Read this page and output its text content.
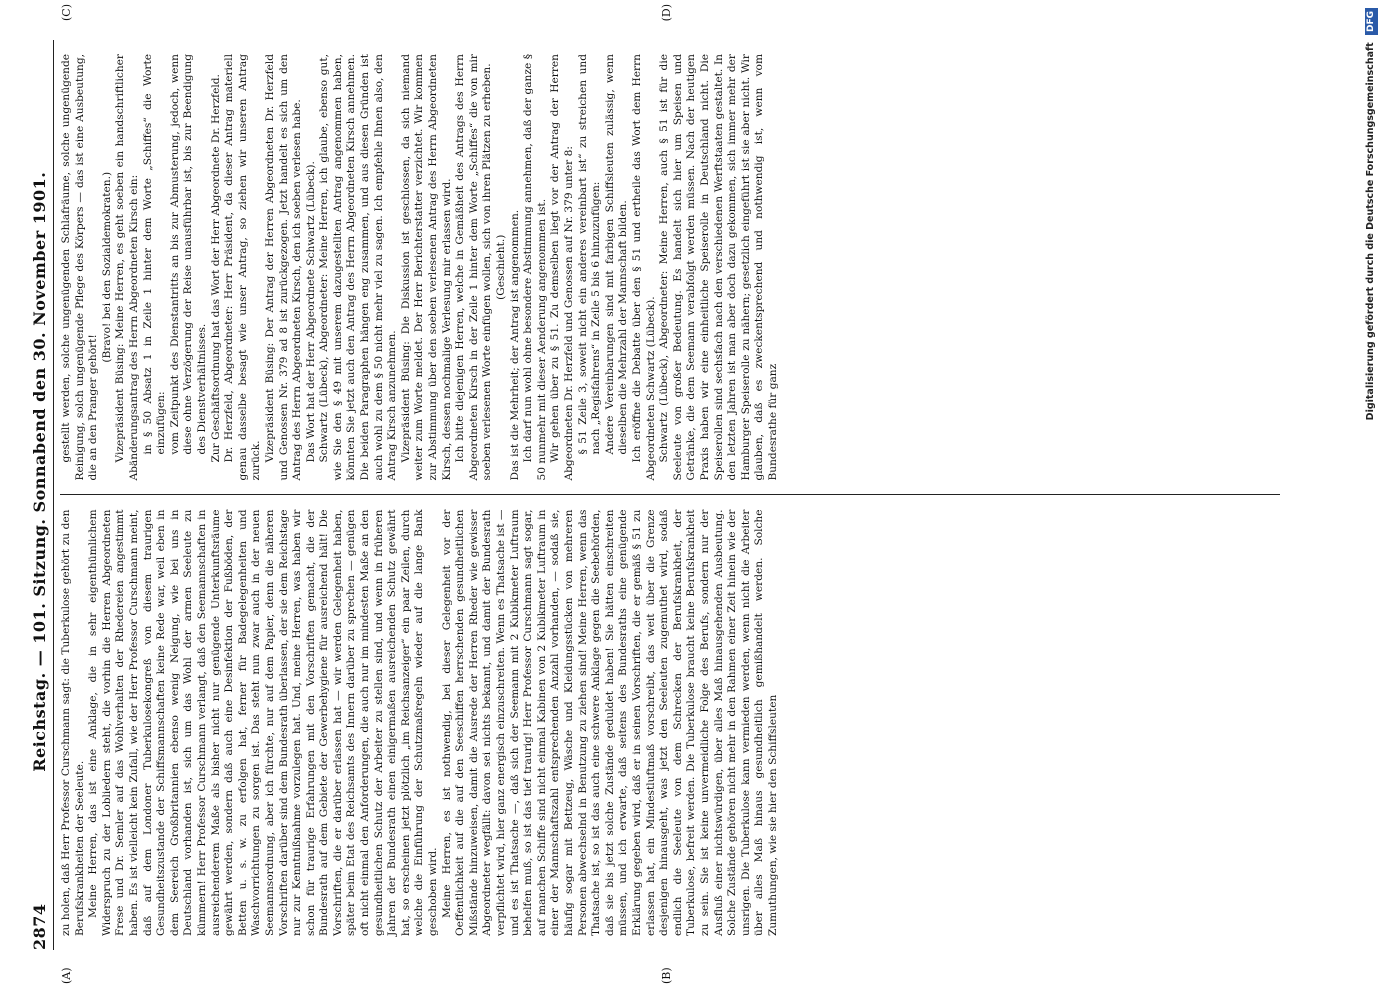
2874
Reichstag. — 101. Sitzung. Sonnabend den 30. November 1901.
(A)	(B)

zu holen, daß Herr Professor Curschmann sagt: die Tuberkulose gehört zu den Berufskrankheiten der Seeleute. Meine Herren, das ist eine Anklage, die in sehr eigenthümlichem Widerspruch zu der Lobliedern steht, die vorhin die Herren Abgeordneten Frese und Dr. Semler auf das Wohlverhalten der Rhedereien angestimmt haben. Es ist vielleicht kein Zufall, wie der Herr Professor Curschmann meint, daß auf dem Londoner Tuberkulosekongreß von diesem traurigen Gesundheitszustande der Schiffsmannschaften keine Rede war, weil eben in dem Seereich Großbritannien ebenso wenig Neigung, wie bei uns in Deutschland vorhanden ist, sich um das Wohl der armen Seeleute zu kümmern! Herr Professor Curschmann verlangt, daß den Seemannschaften in ausreichenderem Maße als bisher nicht nur genügende Unterkunftsräume gewährt werden, sondern daß auch eine Desinfektion der Fußböden, der Betten u. s. w. zu erfolgen hat, ferner für Badegelegenheiten und Waschvorrichtungen zu sorgen ist. Das steht nun zwar auch in der neuen Seemannsordnung, aber ich fürchte, nur auf dem Papier, denn die näheren Vorschriften darüber sind dem Bundesrath überlassen, der sie dem Reichstage nur zur Kenntnißnahme vorzulegen hat. Und, meine Herren, was haben wir schon für traurige Erfahrungen mit den Vorschriften gemacht, die der Bundesrath auf dem Gebiete der Gewerbehygiene für ausreichend hält! Die Vorschriften, die er darüber erlassen hat — wir werden Gelegenheit haben, später beim Etat des Reichsamts des Innern darüber zu sprechen — genügen oft nicht einmal den Anforderungen, die auch nur im mindesten Maße an den gesundheitlichen Schutz der Arbeiter zu stellen sind, und wenn in früheren Jahren der Bundesrath einen einigermaßen ausreichenden Schutz gewährt hat, so erscheinen jetzt plötzlich „im Reichsanzeiger“ ein paar Zeilen, durch welche die Einführung der Schutzmaßregeln wieder auf die lange Bank geschoben wird. Meine Herren, es ist nothwendig, bei dieser Gelegenheit vor der Oeffentlichkeit auf die auf den Seeschiffen herrschenden gesundheitlichen Mißstände hinzuweisen, damit die Ausrede der Herren Rheder wie gewisser Abgeordneter wegfällt: davon sei nichts bekannt, und damit der Bundesrath verpflichtet wird, hier ganz energisch einzuschreiten. Wenn es Thatsache ist — und es ist Thatsache —, daß sich der Seemann mit 2 Kubikmeter Luftraum behelfen muß, so ist das tief traurig! Herr Professor Curschmann sagt sogar, auf manchen Schiffe sind nicht einmal Kabinen von 2 Kubikmeter Luftraum in einer der Mannschaftszahl entsprechenden Anzahl vorhanden, — sodaß sie, häufig sogar mit Bettzeug, Wäsche und Kleidungsstücken von mehreren Personen abwechselnd in Benutzung zu ziehen sind! Meine Herren, wenn das Thatsache ist, so ist das auch eine schwere Anklage gegen die Seebehörden, daß sie bis jetzt solche Zustände geduldet haben! Sie hätten einschreiten müssen, und ich erwarte, daß seitens des Bundesraths eine genügende Erklärung gegeben wird, daß er in seinen Vorschriften, die er gemäß § 51 zu erlassen hat, ein Mindestluftmaß vorschreibt, das weit über die Grenze desjenigen hinausgeht, was jetzt den Seeleuten zugemuthet wird, sodaß endlich die Seeleute von dem Schrecken der Berufskrankheit, der Tuberkulose, befreit werden. Die Tuberkulose braucht keine Berufskrankheit zu sein. Sie ist keine unvermeidliche Folge des Berufs, sondern nur der Ausfluß einer nichtswürdigen, über alles Maß hinausgehenden Ausbeutung. Solche Zustände gehören nicht mehr in den Rahmen einer Zeit hinein wie der unsrigen. Die Tuberkulose kann vermieden werden, wenn nicht die Arbeiter über alles Maß hinaus gesundheitlich gemißhandelt werden. Solche Zumuthungen, wie sie hier den Schiffsleuten

(C)	(D)

gestellt werden, solche ungenügenden Schlafräume, solche ungenügende Reinigung, solch ungenügende Pflege des Körpers — das ist eine Ausbeutung, die an den Pranger gehört!

(Bravo! bei den Sozialdemokraten.) Vizepräsident Büsing: Meine Herren, es geht soeben ein handschriftlicher Abänderungsantrag des Herrn Abgeordneten Kirsch ein: in § 50 Absatz 1 in Zeile 1 hinter dem Worte „Schiffes“ die Worte einzufügen: vom Zeitpunkt des Dienstantritts an bis zur Abmusterung, jedoch, wenn diese ohne Verzögerung der Reise unausführbar ist, bis zur Beendigung des Dienstverhältnisses. Zur Geschäftsordnung hat das Wort der Herr Abgeordnete Dr. Herzfeld. Dr. Herzfeld, Abgeordneter: Herr Präsident, da dieser Antrag materiell genau dasselbe besagt wie unser Antrag, so ziehen wir unseren Antrag zurück. Vizepräsident Büsing: Der Antrag der Herren Abgeordneten Dr. Herzfeld und Genossen Nr. 379 ad 8 ist zurückgezogen. Jetzt handelt es sich um den Antrag des Herrn Abgeordneten Kirsch, den ich soeben verlesen habe. Das Wort hat der Herr Abgeordnete Schwartz (Lübeck). Schwartz (Lübeck), Abgeordneter: Meine Herren, ich glaube, ebenso gut, wie Sie den § 49 mit unserem dazugestellten Antrag angenommen haben, könnten Sie jetzt auch den Antrag des Herrn Abgeordneten Kirsch annehmen. Die beiden Paragraphen hängen eng zusammen, und aus diesen Gründen ist auch wohl zu dem § 50 nicht mehr viel zu sagen. Ich empfehle Ihnen also, den Antrag Kirsch anzunehmen. Vizepräsident Büsing: Die Diskussion ist geschlossen, da sich niemand weiter zum Worte meldet. Der Herr Berichterstatter verzichtet. Wir kommen zur Abstimmung über den soeben verlesenen Antrag des Herrn Abgeordneten Kirsch, dessen nochmalige Verlesung mir erlassen wird. Ich bitte diejenigen Herren, welche in Gemäßheit des Antrags des Herrn Abgeordneten Kirsch in der Zeile 1 hinter dem Worte „Schiffes“ die von mir soeben verlesenen Worte einfügen wollen, sich von ihren Plätzen zu erheben. (Geschieht.) Das ist die Mehrheit; der Antrag ist angenommen. Ich darf nun wohl ohne besondere Abstimmung annehmen, daß der ganze § 50 nunmehr mit dieser Aenderung angenommen ist. Wir gehen über zu § 51. Zu demselben liegt vor der Antrag der Herren Abgeordneten Dr. Herzfeld und Genossen auf Nr. 379 unter 8: § 51 Zeile 3, soweit nicht ein anderes vereinbart ist“ zu streichen und nach „Regisfahrens“ in Zeile 5 bis 6 hinzuzufügen: Andere Vereinbarungen sind mit farbigen Schiffsleuten zulässig, wenn dieselben die Mehrzahl der Mannschaft bilden. Ich eröffne die Debatte über den § 51 und ertheile das Wort dem Herrn Abgeordneten Schwartz (Lübeck). Schwartz (Lübeck), Abgeordneter: Meine Herren, auch § 51 ist für die Seeleute von großer Bedeutung. Es handelt sich hier um Speisen und Getränke, die dem Seemann verabfolgt werden müssen. Nach der heutigen Praxis haben wir eine einheitliche Speiserolle in Deutschland nicht. Die Speiserollen sind sechsfach nach den verschiedenen Werftstaaten gestaltet. In den letzten Jahren ist man aber doch dazu gekommen, sich immer mehr der Hamburger Speiserolle zu nähern; gesetzlich eingeführt ist sie aber nicht. Wir glauben, daß es zweckentsprechend und nothwendig ist, wenn vom Bundesrathe für ganz

Digitalisierung gefördert durch die Deutsche Forschungsgemeinschaft DFG
